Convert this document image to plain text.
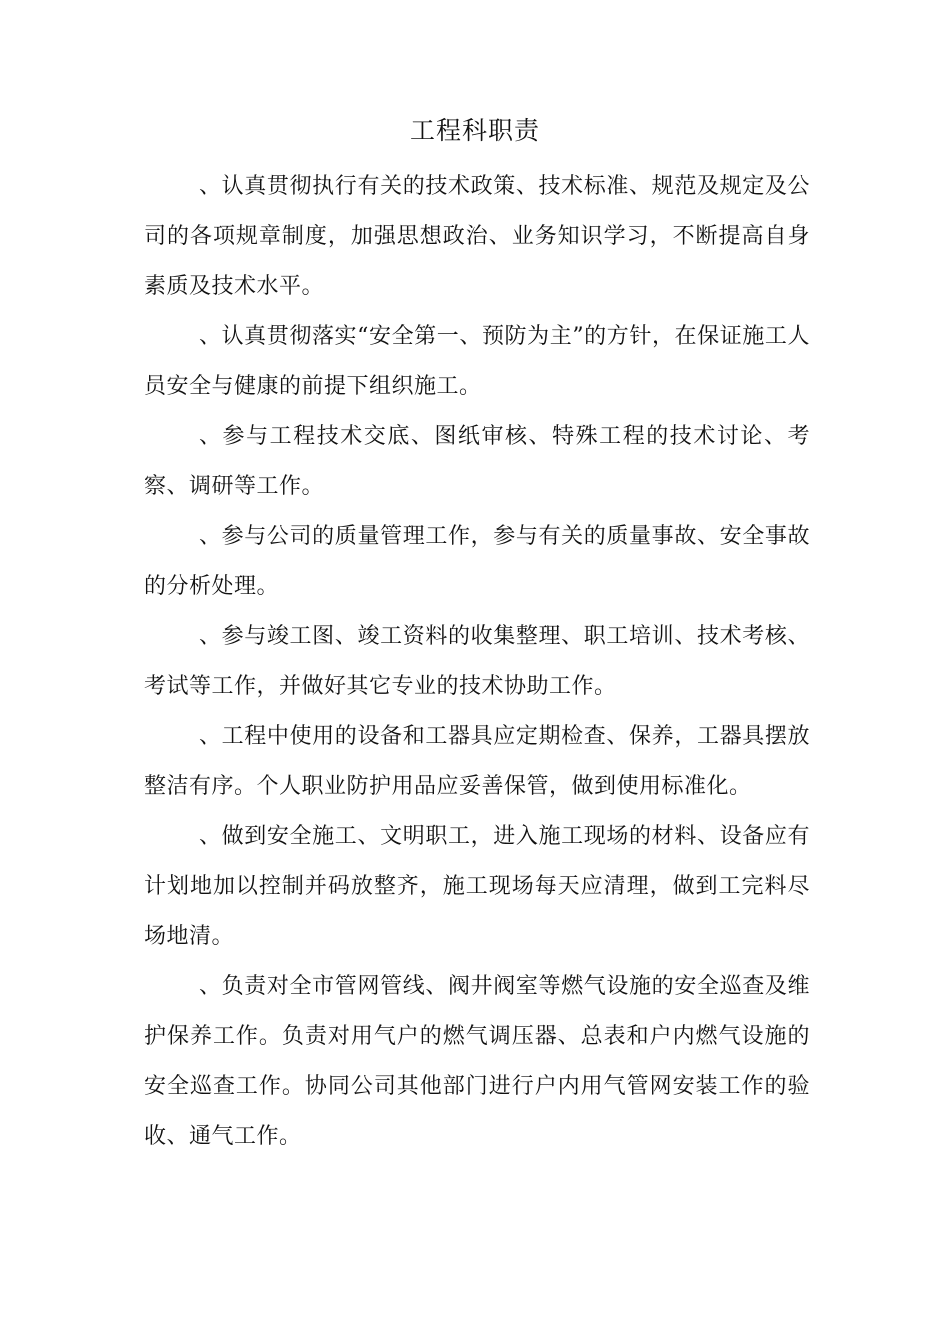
工程科职责

、认真贯彻执行有关的技术政策、技术标准、规范及规定及公司的各项规章制度，加强思想政治、业务知识学习，不断提高自身素质及技术水平。

、认真贯彻落实“安全第一、预防为主”的方针，在保证施工人员安全与健康的前提下组织施工。

、参与工程技术交底、图纸审核、特殊工程的技术讨论、考察、调研等工作。

、参与公司的质量管理工作，参与有关的质量事故、安全事故的分析处理。

、参与竣工图、竣工资料的收集整理、职工培训、技术考核、考试等工作，并做好其它专业的技术协助工作。

、工程中使用的设备和工器具应定期检查、保养，工器具摆放整洁有序。个人职业防护用品应妥善保管，做到使用标准化。

、做到安全施工、文明职工，进入施工现场的材料、设备应有计划地加以控制并码放整齐，施工现场每天应清理，做到工完料尽场地清。

、负责对全市管网管线、阀井阀室等燃气设施的安全巡查及维护保养工作。负责对用气户的燃气调压器、总表和户内燃气设施的安全巡查工作。协同公司其他部门进行户内用气管网安装工作的验收、通气工作。
